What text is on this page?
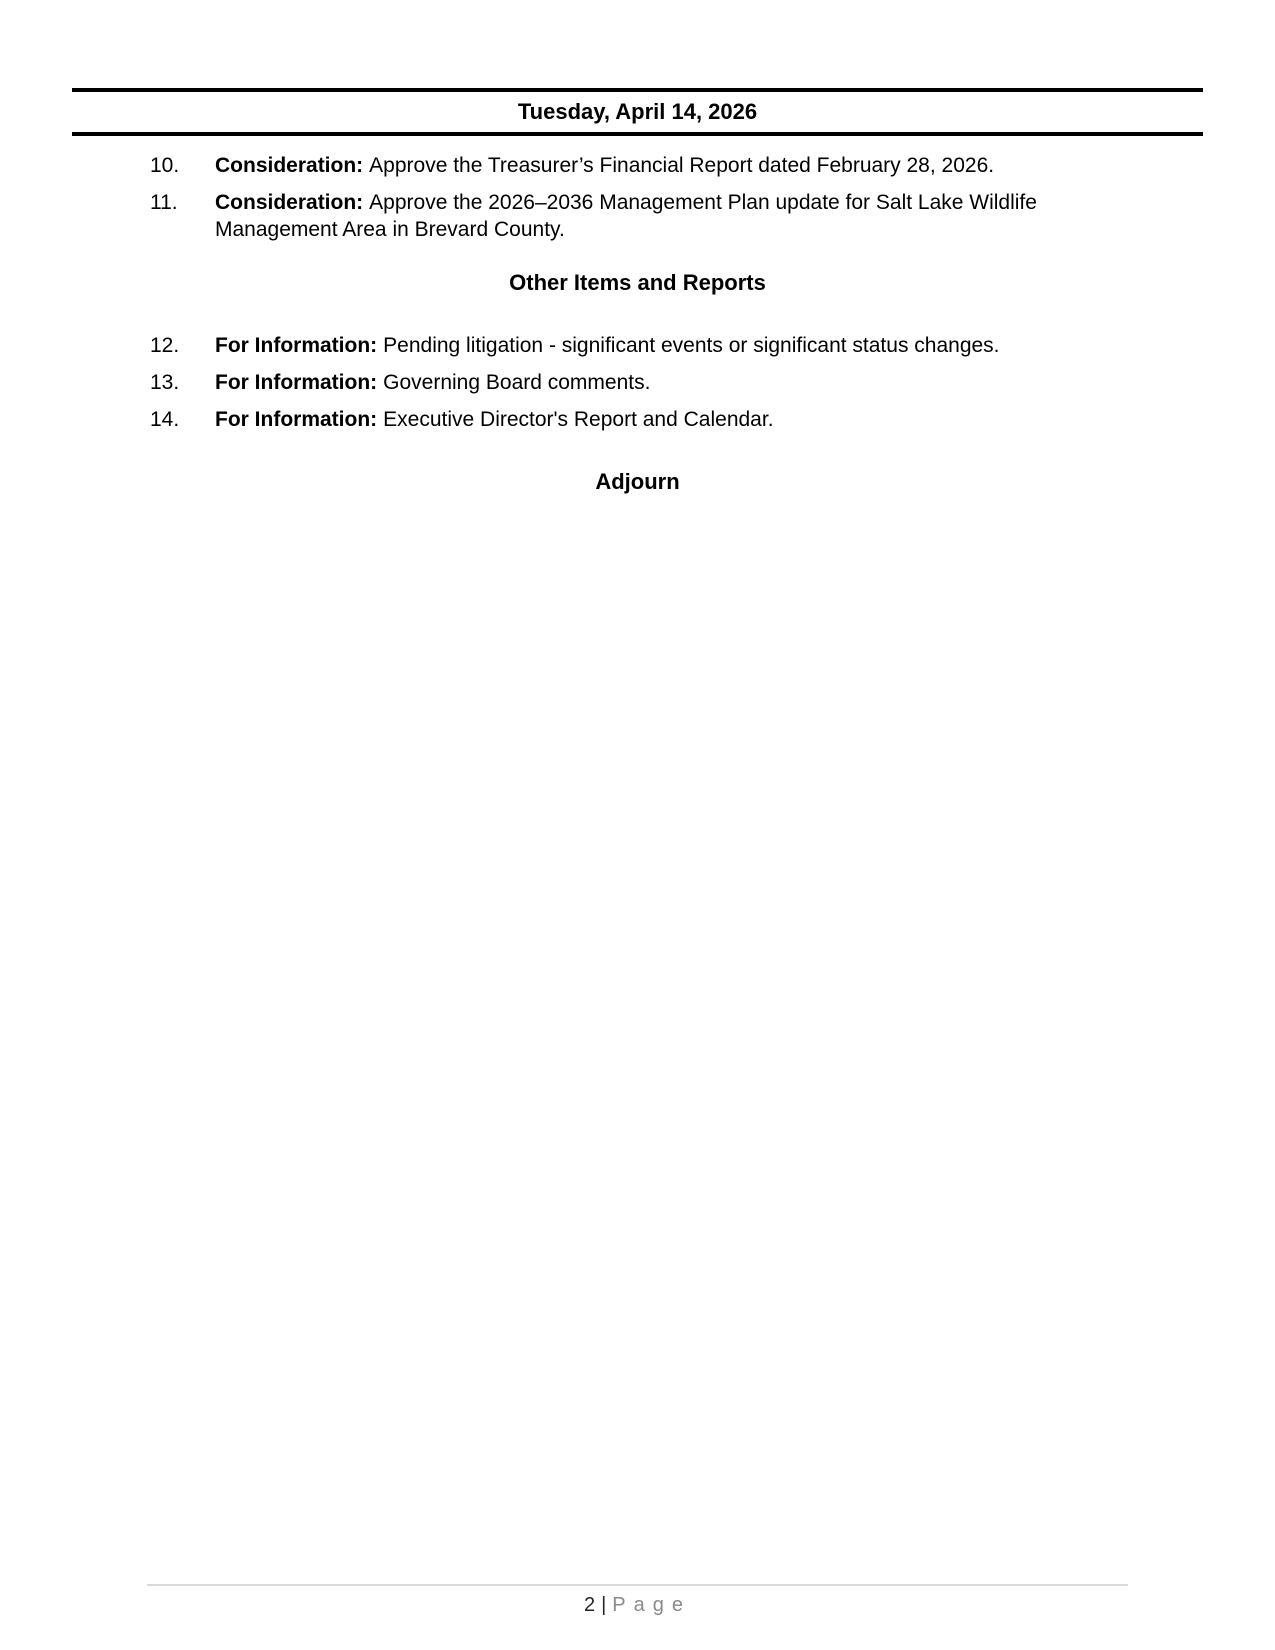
Tuesday, April 14, 2026
10.	Consideration: Approve the Treasurer’s Financial Report dated February 28, 2026.
11.	Consideration: Approve the 2026–2036 Management Plan update for Salt Lake Wildlife Management Area in Brevard County.
Other Items and Reports
12.	For Information: Pending litigation - significant events or significant status changes.
13.	For Information: Governing Board comments.
14.	For Information: Executive Director's Report and Calendar.
Adjourn
2 | Page
